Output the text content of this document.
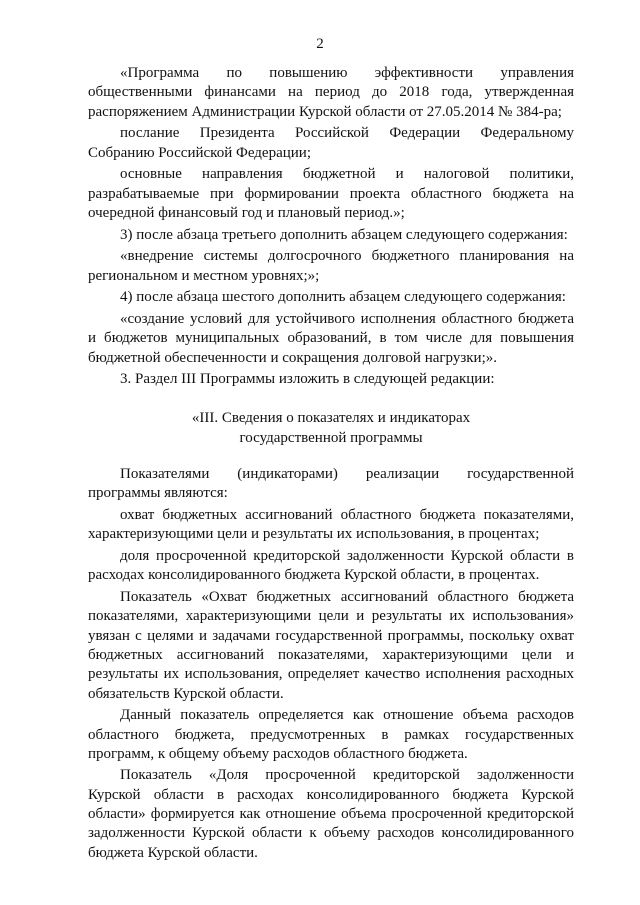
2

«Программа по повышению эффективности управления общественными финансами на период до 2018 года, утвержденная распоряжением Администрации Курской области от 27.05.2014 № 384-ра;

послание Президента Российской Федерации Федеральному Собранию Российской Федерации;

основные направления бюджетной и налоговой политики, разрабатываемые при формировании проекта областного бюджета на очередной финансовый год и плановый период.»;

3) после абзаца третьего дополнить абзацем следующего содержания:

«внедрение системы долгосрочного бюджетного планирования на региональном и местном уровнях;»;

4) после абзаца шестого дополнить абзацем следующего содержания:

«создание условий для устойчивого исполнения областного бюджета и бюджетов муниципальных образований, в том числе для повышения бюджетной обеспеченности и сокращения долговой нагрузки;».

3. Раздел III Программы изложить в следующей редакции:

«III. Сведения о показателях и индикаторах
государственной программы

Показателями (индикаторами) реализации государственной программы являются:

охват бюджетных ассигнований областного бюджета показателями, характеризующими цели и результаты их использования, в процентах;

доля просроченной кредиторской задолженности Курской области в расходах консолидированного бюджета Курской области, в процентах.

Показатель «Охват бюджетных ассигнований областного бюджета показателями, характеризующими цели и результаты их использования» увязан с целями и задачами государственной программы, поскольку охват бюджетных ассигнований показателями, характеризующими цели и результаты их использования, определяет качество исполнения расходных обязательств Курской области.

Данный показатель определяется как отношение объема расходов областного бюджета, предусмотренных в рамках государственных программ, к общему объему расходов областного бюджета.

Показатель «Доля просроченной кредиторской задолженности Курской области в расходах консолидированного бюджета Курской области» формируется как отношение объема просроченной кредиторской задолженности Курской области к объему расходов консолидированного бюджета Курской области.
